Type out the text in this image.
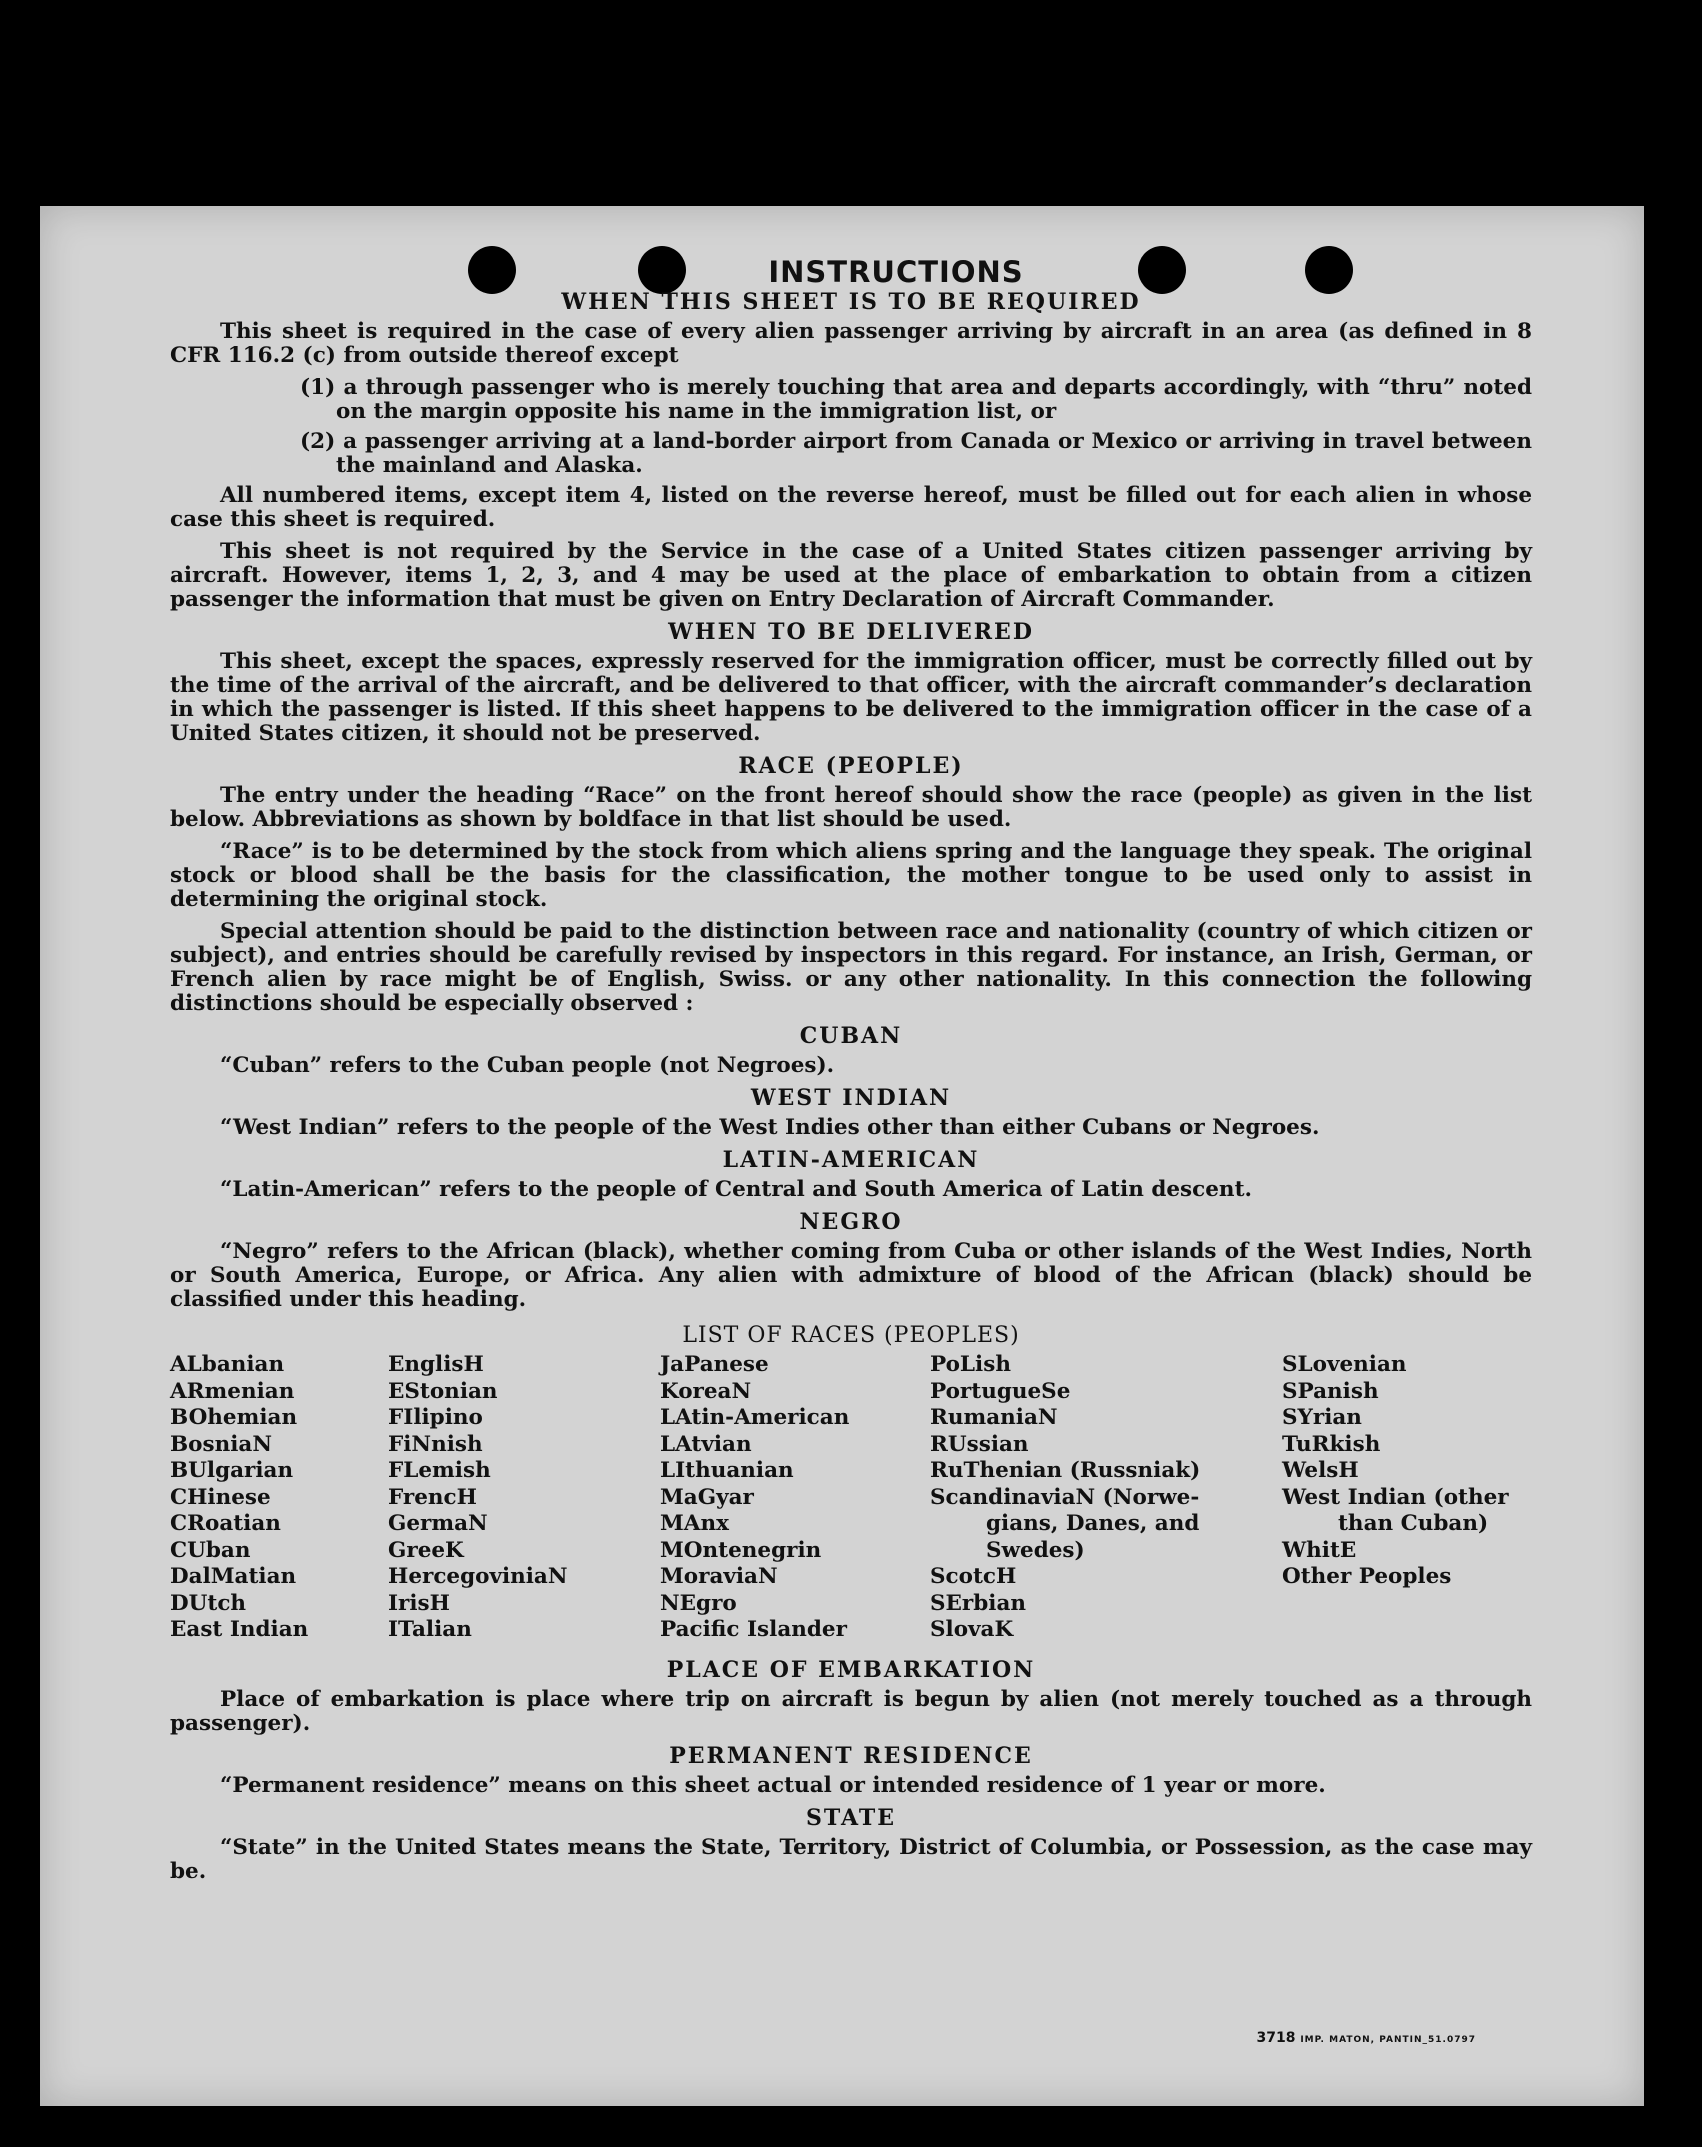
INSTRUCTIONS
WHEN THIS SHEET IS TO BE REQUIRED

This sheet is required in the case of every alien passenger arriving by aircraft in an area (as defined in 8 CFR 116.2 (c) from outside thereof except

(1) a through passenger who is merely touching that area and departs accordingly, with “thru” noted on the margin opposite his name in the immigration list, or
(2) a passenger arriving at a land-border airport from Canada or Mexico or arriving in travel between the mainland and Alaska.

All numbered items, except item 4, listed on the reverse hereof, must be filled out for each alien in whose case this sheet is required.

This sheet is not required by the Service in the case of a United States citizen passenger arriving by aircraft. However, items 1, 2, 3, and 4 may be used at the place of embarkation to obtain from a citizen passenger the information that must be given on Entry Declaration of Aircraft Commander.

WHEN TO BE DELIVERED

This sheet, except the spaces, expressly reserved for the immigration officer, must be correctly filled out by the time of the arrival of the aircraft, and be delivered to that officer, with the aircraft commander’s declaration in which the passenger is listed. If this sheet happens to be delivered to the immigration officer in the case of a United States citizen, it should not be preserved.

RACE (PEOPLE)

The entry under the heading “Race” on the front hereof should show the race (people) as given in the list below. Abbreviations as shown by boldface in that list should be used.

“Race” is to be determined by the stock from which aliens spring and the language they speak. The original stock or blood shall be the basis for the classification, the mother tongue to be used only to assist in determining the original stock.

Special attention should be paid to the distinction between race and nationality (country of which citizen or subject), and entries should be carefully revised by inspectors in this regard. For instance, an Irish, German, or French alien by race might be of English, Swiss. or any other nationality. In this connection the following distinctions should be especially observed :

CUBAN

“Cuban” refers to the Cuban people (not Negroes).

WEST INDIAN

“West Indian” refers to the people of the West Indies other than either Cubans or Negroes.

LATIN-AMERICAN

“Latin-American” refers to the people of Central and South America of Latin descent.

NEGRO

“Negro” refers to the African (black), whether coming from Cuba or other islands of the West Indies, North or South America, Europe, or Africa. Any alien with admixture of blood of the African (black) should be classified under this heading.

LIST OF RACES (PEOPLES)
ALbanian
ARmenian
BOhemian
BosniaN
BUlgarian
CHinese
CRoatian
CUban
DalMatian
DUtch
East Indian
EnglisH
EStonian
FIlipino
FiNnish
FLemish
FrencH
GermaN
GreeK
HercegoviniaN
IrisH
ITalian
JaPanese
KoreaN
LAtin-American
LAtvian
LIthuanian
MaGyar
MAnx
MOntenegrin
MoraviaN
NEgro
Pacific Islander
PoLish
PortugueSe
RumaniaN
RUssian
RuThenian (Russniak)
ScandinaviaN (Norwe-
gians, Danes, and
Swedes)
ScotcH
SErbian
SlovaK
SLovenian
SPanish
SYrian
TuRkish
WelsH
West Indian (other
than Cuban)
WhitE
Other Peoples
PLACE OF EMBARKATION

Place of embarkation is place where trip on aircraft is begun by alien (not merely touched as a through passenger).

PERMANENT RESIDENCE

“Permanent residence” means on this sheet actual or intended residence of 1 year or more.

STATE

“State” in the United States means the State, Territory, District of Columbia, or Possession, as the case may be.

3718 IMP. MATON, PANTIN_51.0797
